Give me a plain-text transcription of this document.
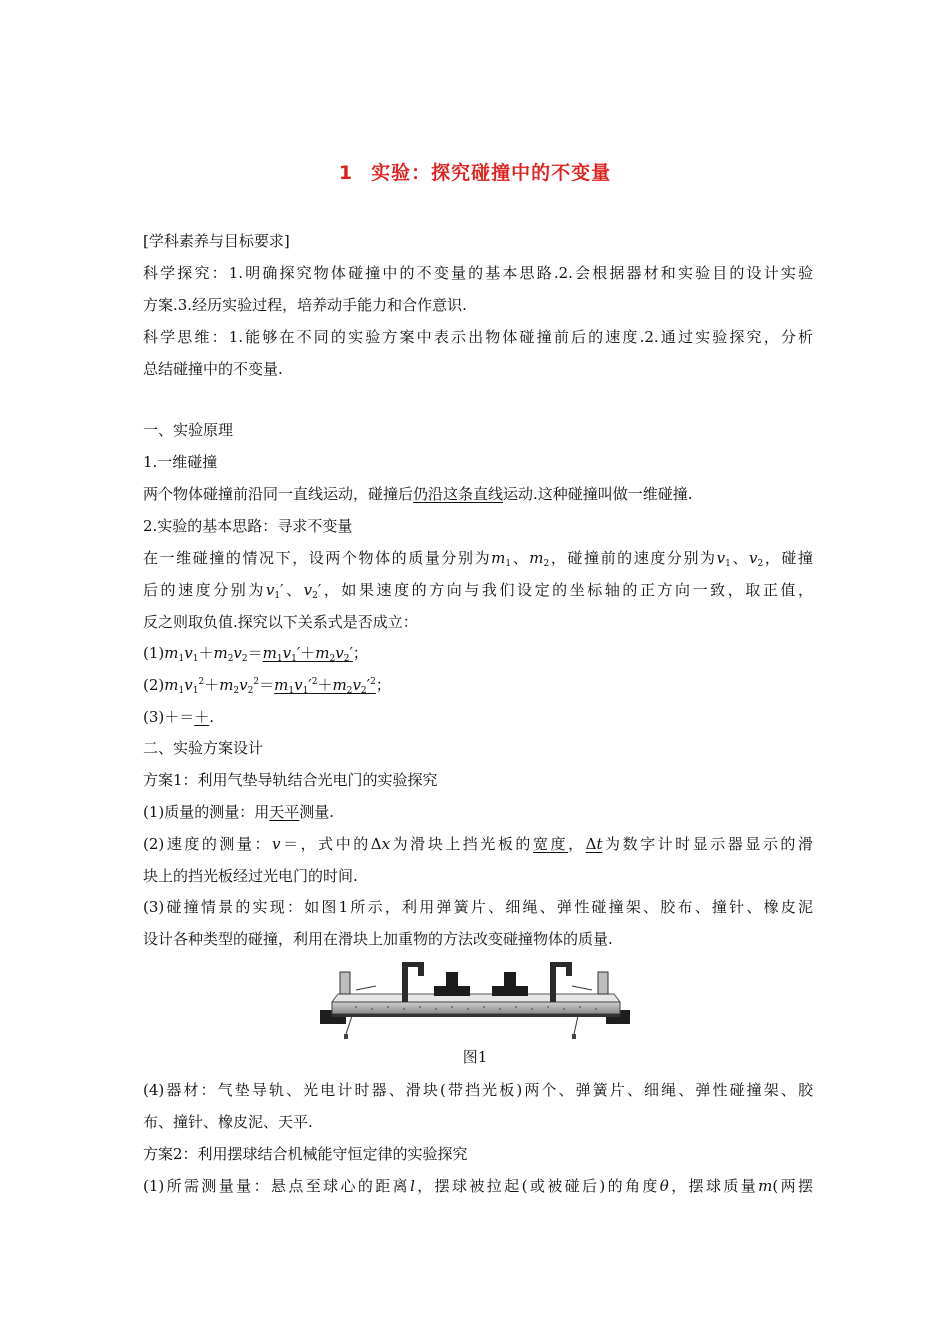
1 实验：探究碰撞中的不变量
[学科素养与目标要求]
科学探究：1.明确探究物体碰撞中的不变量的基本思路.2.会根据器材和实验目的设计实验
方案.3.经历实验过程，培养动手能力和合作意识.
科学思维：1.能够在不同的实验方案中表示出物体碰撞前后的速度.2.通过实验探究，分析
总结碰撞中的不变量.
一、实验原理
1.一维碰撞
两个物体碰撞前沿同一直线运动，碰撞后仍沿这条直线运动.这种碰撞叫做一维碰撞.
2.实验的基本思路：寻求不变量
在一维碰撞的情况下，设两个物体的质量分别为$m_1$、$m_2$，碰撞前的速度分别为$v_1$、$v_2$，碰撞
后的速度分别为$v_1'$、$v_2'$，如果速度的方向与我们设定的坐标轴的正方向一致，取正值，
反之则取负值.探究以下关系式是否成立：
$(1)m_1v_1+m_2v_2=m_1v_1'+m_2v_2'$；
$(2)m_1v_1^2+m_2v_2^2=m_1v_1'^2+m_2v_2'^2$；
(3)＋＝＋.
二、实验方案设计
方案1：利用气垫导轨结合光电门的实验探究
(1)质量的测量：用天平测量.
(2)速度的测量：v＝，式中的Δx为滑块上挡光板的宽度，Δt为数字计时显示器显示的滑
块上的挡光板经过光电门的时间.
(3)碰撞情景的实现：如图1所示，利用弹簧片、细绳、弹性碰撞架、胶布、撞针、橡皮泥
设计各种类型的碰撞，利用在滑块上加重物的方法改变碰撞物体的质量.
图1
(4)器材：气垫导轨、光电计时器、滑块(带挡光板)两个、弹簧片、细绳、弹性碰撞架、胶
布、撞针、橡皮泥、天平.
方案2：利用摆球结合机械能守恒定律的实验探究
(1)所需测量量：悬点至球心的距离l，摆球被拉起(或被碰后)的角度θ，摆球质量m(两摆
